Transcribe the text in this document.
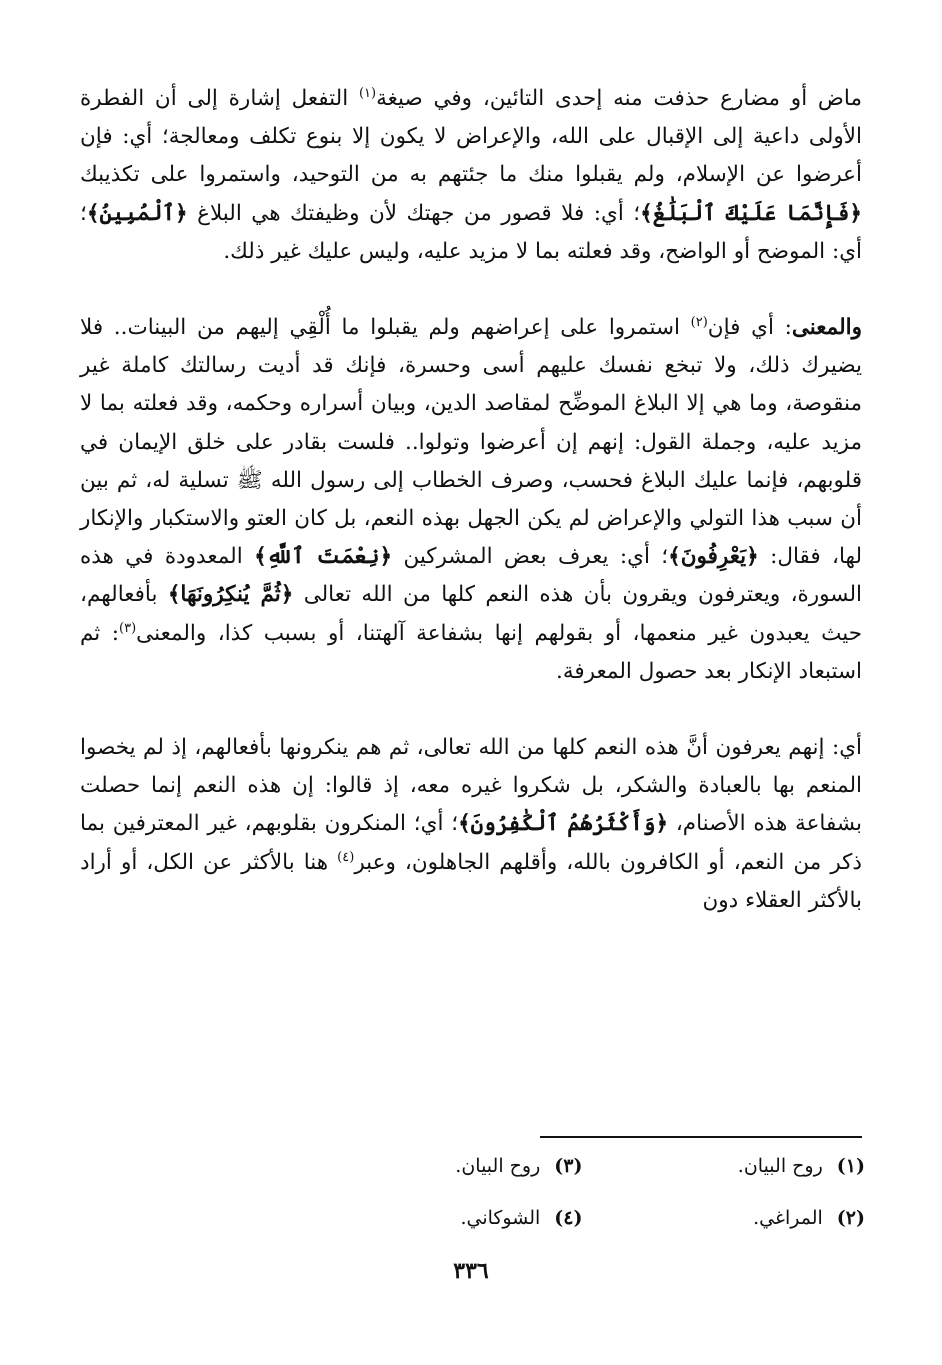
ماض أو مضارع حذفت منه إحدى التائين، وفي صيغة$^{(١)}$ التفعل إشارة إلى أن الفطرة الأولى داعية إلى الإقبال على الله، والإعراض لا يكون إلا بنوع تكلف ومعالجة؛ أي: فإن أعرضوا عن الإسلام، ولم يقبلوا منك ما جئتهم به من التوحيد، واستمروا على تكذيبك ﴿فَإِنَّمَا عَلَيْكَ ٱلْبَلَٰغُ﴾؛ أي: فلا قصور من جهتك لأن وظيفتك هي البلاغ ﴿ٱلْمُبِينُ﴾؛ أي: الموضح أو الواضح، وقد فعلته بما لا مزيد عليه، وليس عليك غير ذلك.

والمعنى: أي فإن$^{(٢)}$ استمروا على إعراضهم ولم يقبلوا ما أُلْقِي إليهم من البينات.. فلا يضيرك ذلك، ولا تبخع نفسك عليهم أسى وحسرة، فإنك قد أديت رسالتك كاملة غير منقوصة، وما هي إلا البلاغ الموضِّح لمقاصد الدين، وبيان أسراره وحكمه، وقد فعلته بما لا مزيد عليه، وجملة القول: إنهم إن أعرضوا وتولوا.. فلست بقادر على خلق الإيمان في قلوبهم، فإنما عليك البلاغ فحسب، وصرف الخطاب إلى رسول الله ﷺ تسلية له، ثم بين أن سبب هذا التولي والإعراض لم يكن الجهل بهذه النعم، بل كان العتو والاستكبار والإنكار لها، فقال: ﴿يَعْرِفُونَ﴾؛ أي: يعرف بعض المشركين ﴿نِعْمَتَ ٱللَّهِ﴾ المعدودة في هذه السورة، ويعترفون ويقرون بأن هذه النعم كلها من الله تعالى ﴿ثُمَّ يُنكِرُونَهَا﴾ بأفعالهم، حيث يعبدون غير منعمها، أو بقولهم إنها بشفاعة آلهتنا، أو بسبب كذا، والمعنى$^{(٣)}$: ثم استبعاد الإنكار بعد حصول المعرفة.

أي: إنهم يعرفون أنَّ هذه النعم كلها من الله تعالى، ثم هم ينكرونها بأفعالهم، إذ لم يخصوا المنعم بها بالعبادة والشكر، بل شكروا غيره معه، إذ قالوا: إن هذه النعم إنما حصلت بشفاعة هذه الأصنام، ﴿وَأَكْثَرُهُمُ ٱلْكَٰفِرُونَ﴾؛ أي؛ المنكرون بقلوبهم، غير المعترفين بما ذكر من النعم، أو الكافرون بالله، وأقلهم الجاهلون، وعبر$^{(٤)}$ هنا بالأكثر عن الكل، أو أراد بالأكثر العقلاء دون

(١)روح البيان.
(٣)روح البيان.
(٢)المراغي.
(٤)الشوكاني.
٣٣٦
